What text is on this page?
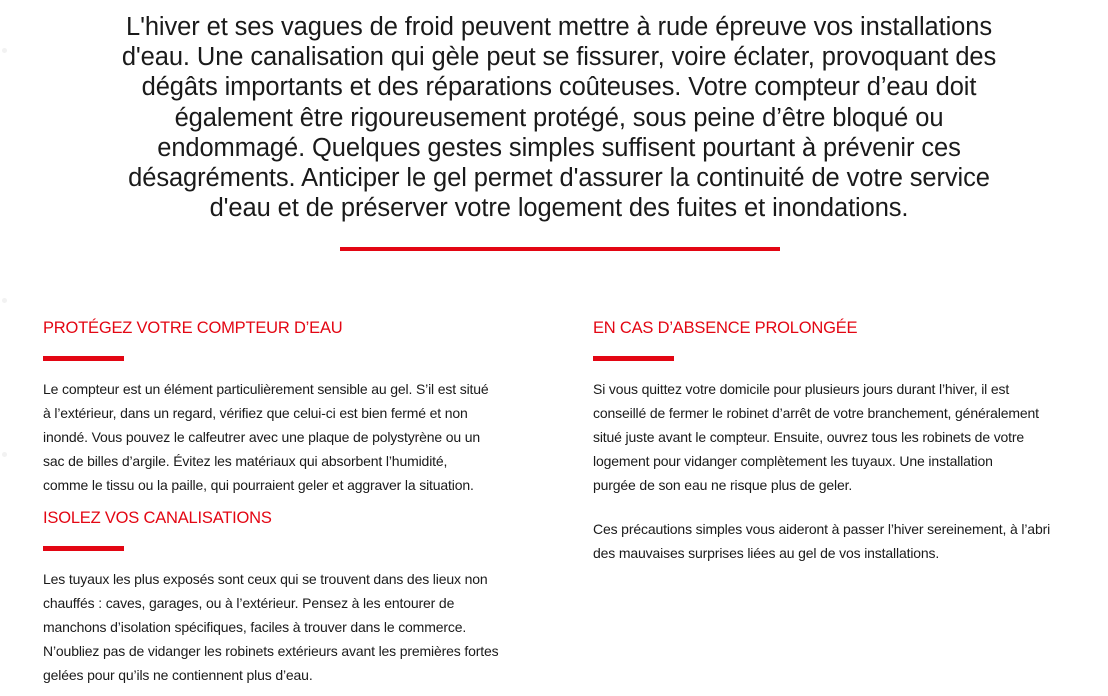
L'hiver et ses vagues de froid peuvent mettre à rude épreuve vos installations
d'eau. Une canalisation qui gèle peut se fissurer, voire éclater, provoquant des
dégâts importants et des réparations coûteuses. Votre compteur d’eau doit
également être rigoureusement protégé, sous peine d’être bloqué ou
endommagé. Quelques gestes simples suffisent pourtant à prévenir ces
désagréments. Anticiper le gel permet d'assurer la continuité de votre service
d'eau et de préserver votre logement des fuites et inondations.

PROTÉGEZ VOTRE COMPTEUR D’EAU

Le compteur est un élément particulièrement sensible au gel. S’il est situé
à l’extérieur, dans un regard, vérifiez que celui-ci est bien fermé et non
inondé. Vous pouvez le calfeutrer avec une plaque de polystyrène ou un
sac de billes d’argile. Évitez les matériaux qui absorbent l’humidité,
comme le tissu ou la paille, qui pourraient geler et aggraver la situation.

ISOLEZ VOS CANALISATIONS

Les tuyaux les plus exposés sont ceux qui se trouvent dans des lieux non
chauffés : caves, garages, ou à l’extérieur. Pensez à les entourer de
manchons d’isolation spécifiques, faciles à trouver dans le commerce.
N’oubliez pas de vidanger les robinets extérieurs avant les premières fortes
gelées pour qu’ils ne contiennent plus d’eau.

EN CAS D’ABSENCE PROLONGÉE

Si vous quittez votre domicile pour plusieurs jours durant l’hiver, il est
conseillé de fermer le robinet d’arrêt de votre branchement, généralement
situé juste avant le compteur. Ensuite, ouvrez tous les robinets de votre
logement pour vidanger complètement les tuyaux. Une installation
purgée de son eau ne risque plus de geler.

Ces précautions simples vous aideront à passer l’hiver sereinement, à l’abri
des mauvaises surprises liées au gel de vos installations.
